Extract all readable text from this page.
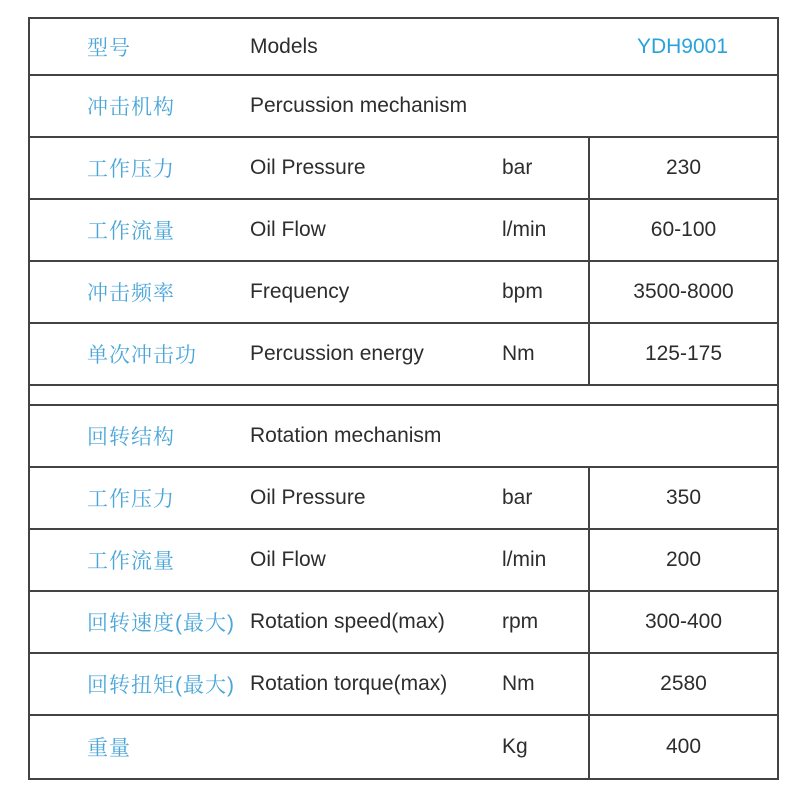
型号	Models	YDH9001
冲击机构	Percussion mechanism
工作压力	Oil Pressure	bar	230
工作流量	Oil Flow	l/min	60-100
冲击频率	Frequency	bpm	3500-8000
单次冲击功	Percussion energy	Nm	125-175
回转结构	Rotation mechanism
工作压力	Oil Pressure	bar	350
工作流量	Oil Flow	l/min	200
回转速度(最大) Rotation speed(max)	rpm	300-400
回转扭矩(最大) Rotation torque(max)	Nm	2580
重量	Kg	400
